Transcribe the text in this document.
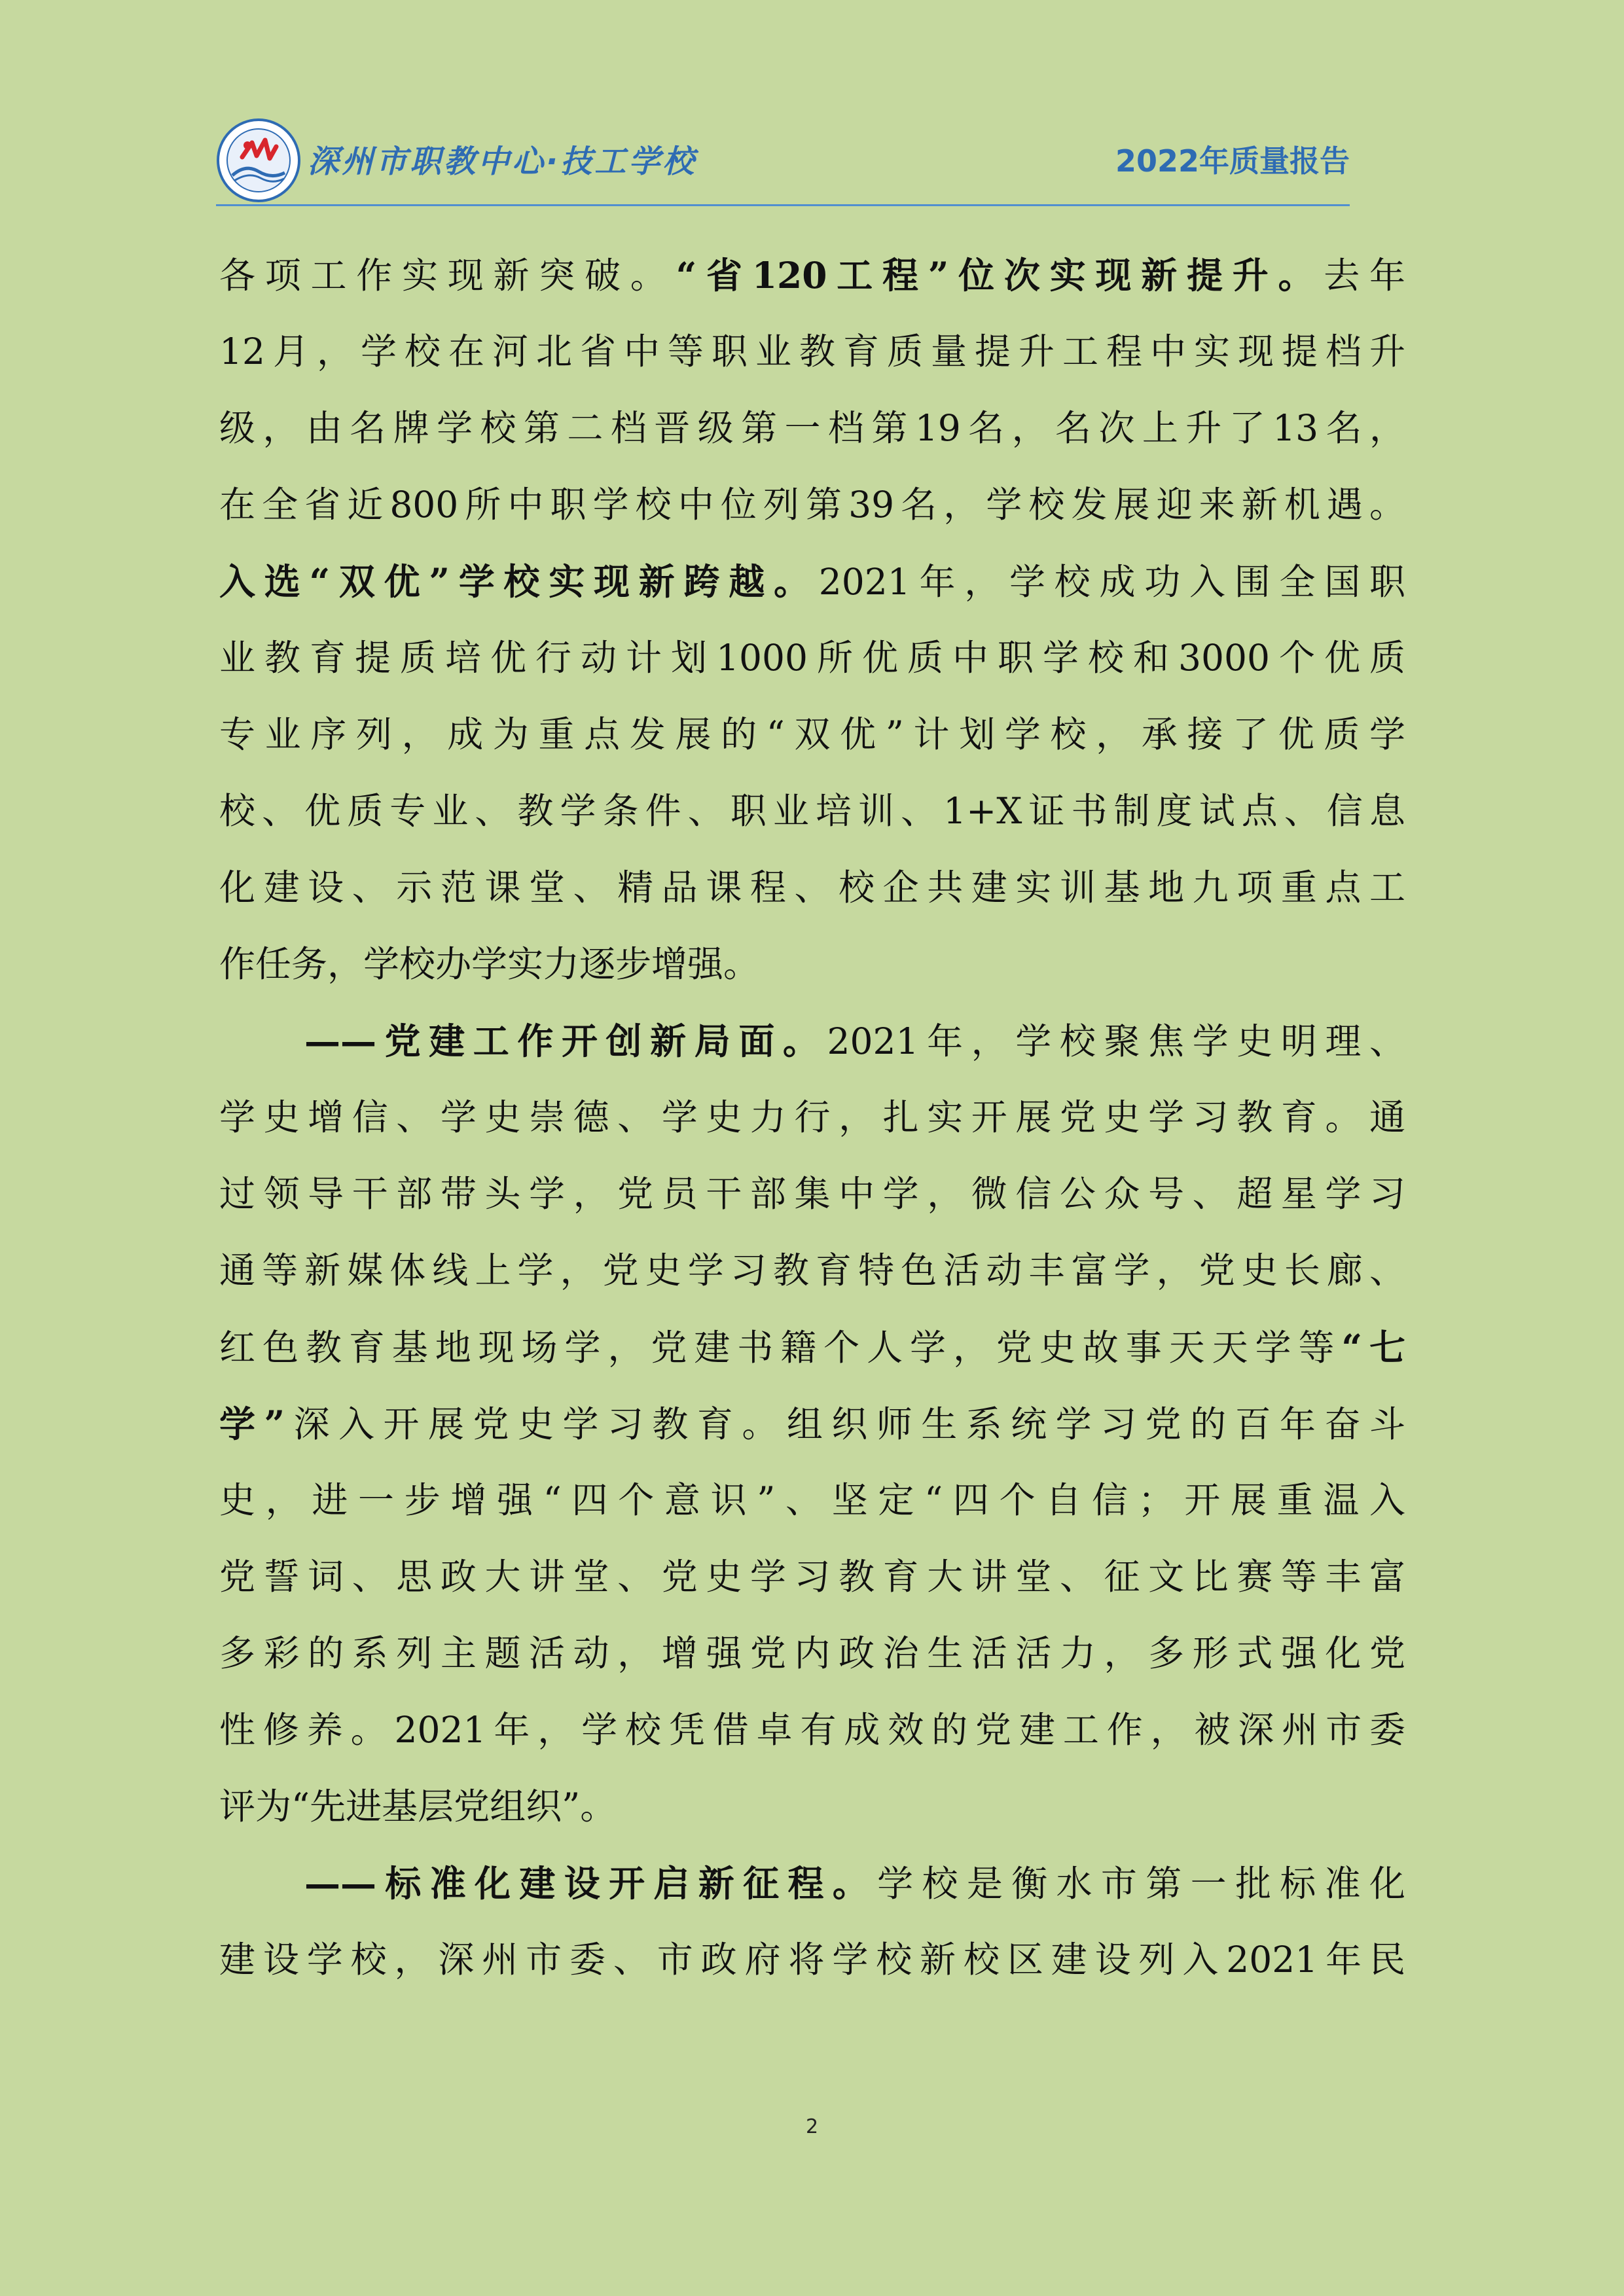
深州市职教中心·技工学校	2022年质量报告
各项工作实现新突破。“省120工程”位次实现新提升。去年
12月，学校在河北省中等职业教育质量提升工程中实现提档升
级，由名牌学校第二档晋级第一档第19名，名次上升了13名，
在全省近800所中职学校中位列第39名，学校发展迎来新机遇。
入选“双优”学校实现新跨越。2021年，学校成功入围全国职
业教育提质培优行动计划1000所优质中职学校和3000个优质
专业序列，成为重点发展的“双优”计划学校，承接了优质学
校、优质专业、教学条件、职业培训、1+X证书制度试点、信息
化建设、示范课堂、精品课程、校企共建实训基地九项重点工
作任务，学校办学实力逐步增强。
——党建工作开创新局面。2021年，学校聚焦学史明理、
学史增信、学史崇德、学史力行，扎实开展党史学习教育。通
过领导干部带头学，党员干部集中学，微信公众号、超星学习
通等新媒体线上学，党史学习教育特色活动丰富学，党史长廊、
红色教育基地现场学，党建书籍个人学，党史故事天天学等“七
学”深入开展党史学习教育。组织师生系统学习党的百年奋斗
史，进一步增强“四个意识”、坚定“四个自信；开展重温入
党誓词、思政大讲堂、党史学习教育大讲堂、征文比赛等丰富
多彩的系列主题活动，增强党内政治生活活力，多形式强化党
性修养。2021年，学校凭借卓有成效的党建工作，被深州市委
评为“先进基层党组织”。
——标准化建设开启新征程。学校是衡水市第一批标准化
建设学校，深州市委、市政府将学校新校区建设列入2021年民
2
